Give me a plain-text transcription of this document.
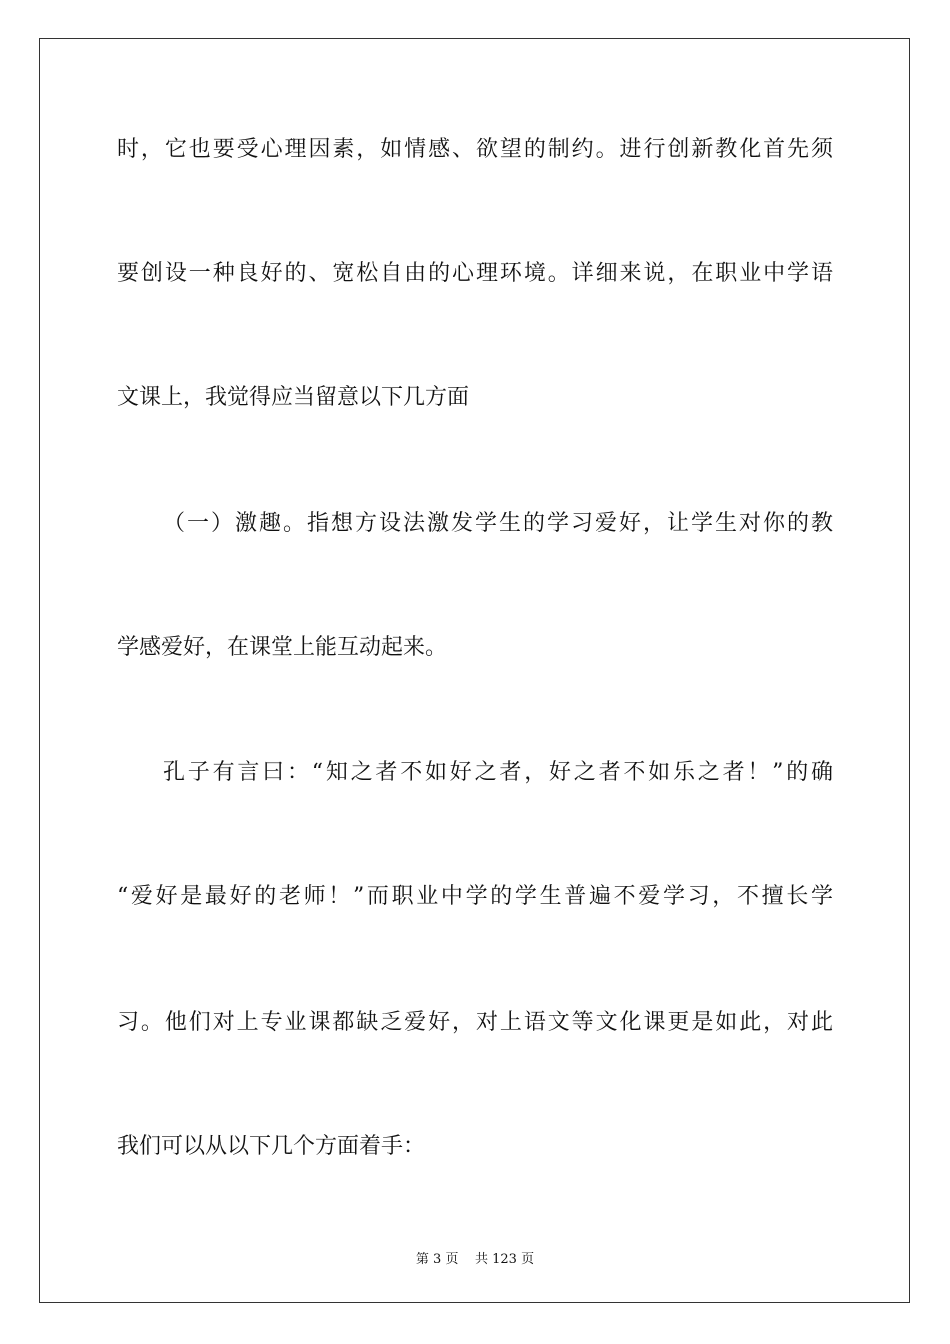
时，它也要受心理因素，如情感、欲望的制约。进行创新教化首先须
要创设一种良好的、宽松自由的心理环境。详细来说，在职业中学语
文课上，我觉得应当留意以下几方面
（一）激趣。指想方设法激发学生的学习爱好，让学生对你的教
学感爱好，在课堂上能互动起来。
孔子有言曰：“知之者不如好之者，好之者不如乐之者！”的确
“爱好是最好的老师！”而职业中学的学生普遍不爱学习，不擅长学
习。他们对上专业课都缺乏爱好，对上语文等文化课更是如此，对此
我们可以从以下几个方面着手：
第 3 页    共 123 页
